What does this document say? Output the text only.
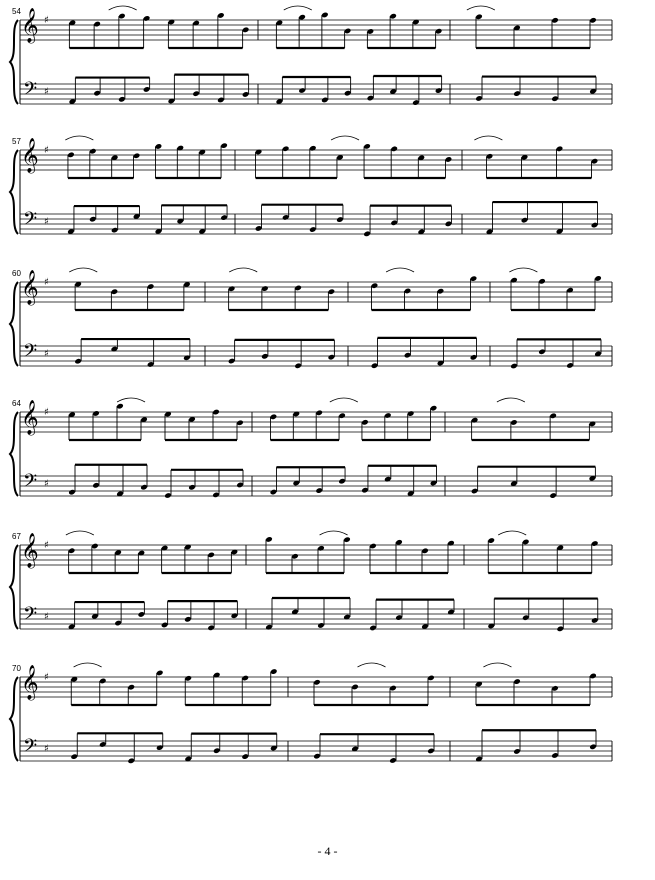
𝄞
𝄢
♯
♯
54
𝄞
𝄢
♯
♯
57
𝄞
𝄢
♯
♯
60
𝄞
𝄢
♯
♯
64
𝄞
𝄢
♯
♯
67
𝄞
𝄢
♯
♯
70
- 4 -
